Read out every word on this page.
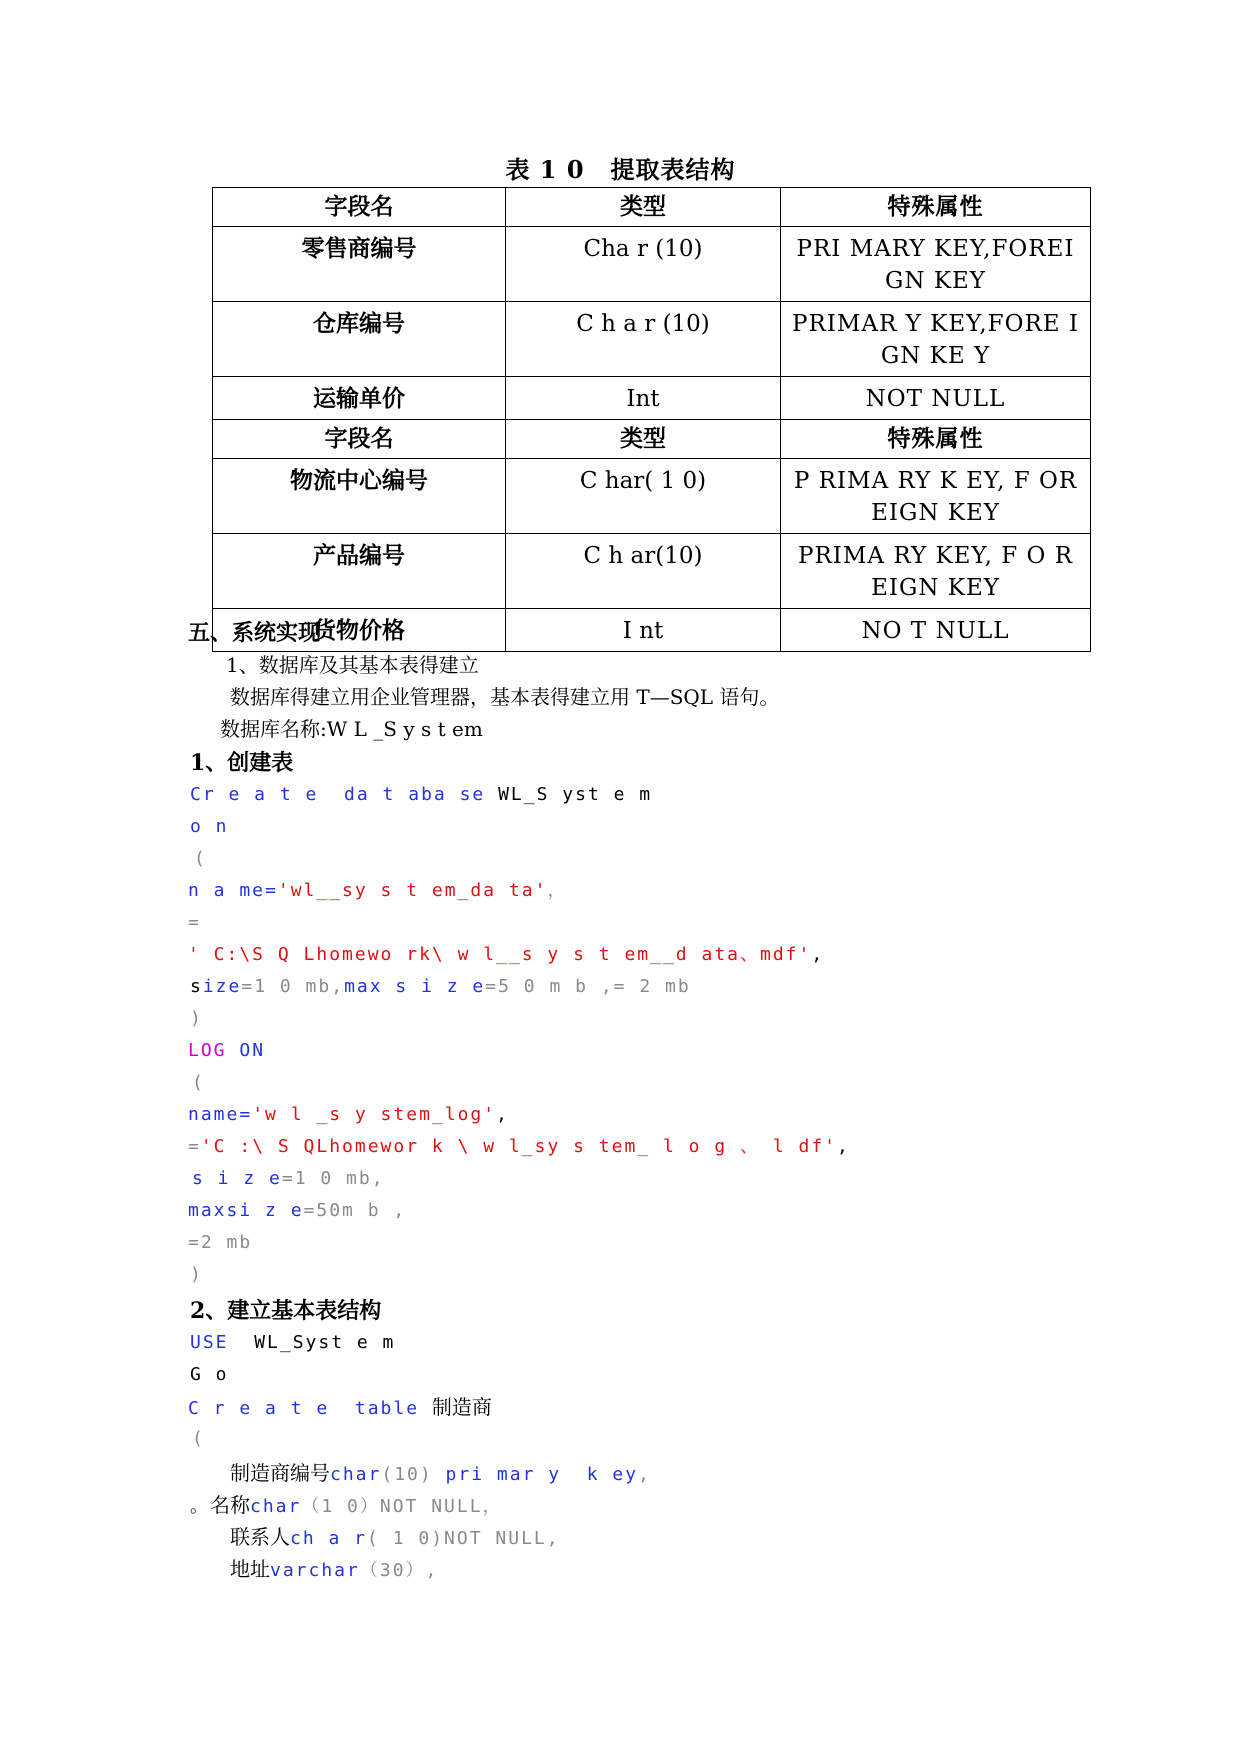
表 1 0 提取表结构
字段名	类型	特殊属性
零售商编号	Cha r (10)	PRI MARY KEY,FOREIGN KEY
仓库编号	C h a r (10)	PRIMAR Y KEY,FORE IGN KE Y
运输单价	Int	NOT NULL
字段名	类型	特殊属性
物流中心编号	C har( 1 0)	P RIMA RY K EY, F OREIGN KEY
产品编号	C h ar(10)	PRIMA RY KEY, F O REIGN KEY
货物价格	I nt	NO T NULL
五、系统实现
1、数据库及其基本表得建立
数据库得建立用企业管理器，基本表得建立用 T—SQL 语句。
数据库名称:W L _S y s t em
1、创建表
Cr e a t e  da t aba se WL_S yst e m
o n
(
n a me='wl__sy s t em_da ta'，
=
' C:\S Q Lhomewo rk\ w l__s y s t em__d ata、mdf',
size=1 0 mb,max s i z e=5 0 m b ,= 2 mb
)
LOG ON
(
name='w l _s y stem_log',
='C :\ S QLhomewor k \ w l_sy s tem_ l o g 、 l df',
s i z e=1 0 mb,
maxsi z e=50m b ,
=2 mb
)
2、建立基本表结构
USE  WL_Syst e m
G o
C r e a t e  table 制造商
(
制造商编号char(10) pri mar y  k ey,
。名称char（1 0）NOT NULL，
联系人ch a r( 1 0)NOT NULL,
地址varchar（30）,
